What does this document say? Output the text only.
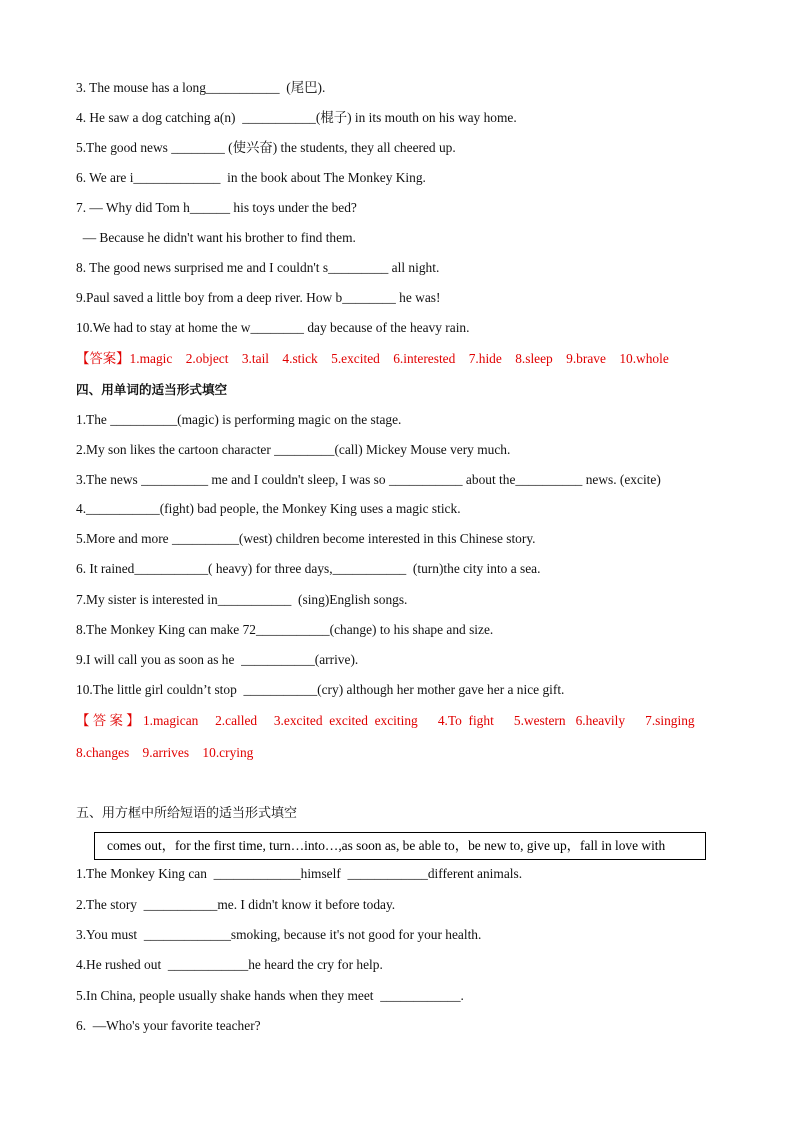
3. The mouse has a long___________  (尾巴).
4. He saw a dog catching a(n)  ___________(棍子) in its mouth on his way home.
5.The good news ________ (使兴奋) the students, they all cheered up.
6. We are i_____________  in the book about The Monkey King.
7. — Why did Tom h______ his toys under the bed?
— Because he didn't want his brother to find them.
8. The good news surprised me and I couldn't s_________ all night.
9.Paul saved a little boy from a deep river. How b________ he was!
10.We had to stay at home the w________ day because of the heavy rain.
【答案】1.magic    2.object    3.tail    4.stick    5.excited    6.interested    7.hide    8.sleep    9.brave    10.whole
四、用单词的适当形式填空
1.The __________(magic) is performing magic on the stage.
2.My son likes the cartoon character _________(call) Mickey Mouse very much.
3.The news __________ me and I couldn't sleep, I was so ___________ about the__________ news. (excite)
4.___________(fight) bad people, the Monkey King uses a magic stick.
5.More and more __________(west) children become interested in this Chinese story.
6. It rained___________( heavy) for three days,___________  (turn)the city into a sea.
7.My sister is interested in___________  (sing)English songs.
8.The Monkey King can make 72___________(change) to his shape and size.
9.I will call you as soon as he  ___________(arrive).
10.The little girl couldn’t stop  ___________(cry) although her mother gave her a nice gift.
【 答 案 】 1.magican     2.called     3.excited  excited  exciting      4.To  fight      5.western   6.heavily      7.singing
8.changes    9.arrives    10.crying
五、用方框中所给短语的适当形式填空
comes out，for the first time, turn…into…,as soon as, be able to，be new to, give up，fall in love with
1.The Monkey King can  _____________himself  ____________different animals.
2.The story  ___________me. I didn't know it before today.
3.You must  _____________smoking, because it's not good for your health.
4.He rushed out  ____________he heard the cry for help.
5.In China, people usually shake hands when they meet  ____________.
6.  —Who's your favorite teacher?
